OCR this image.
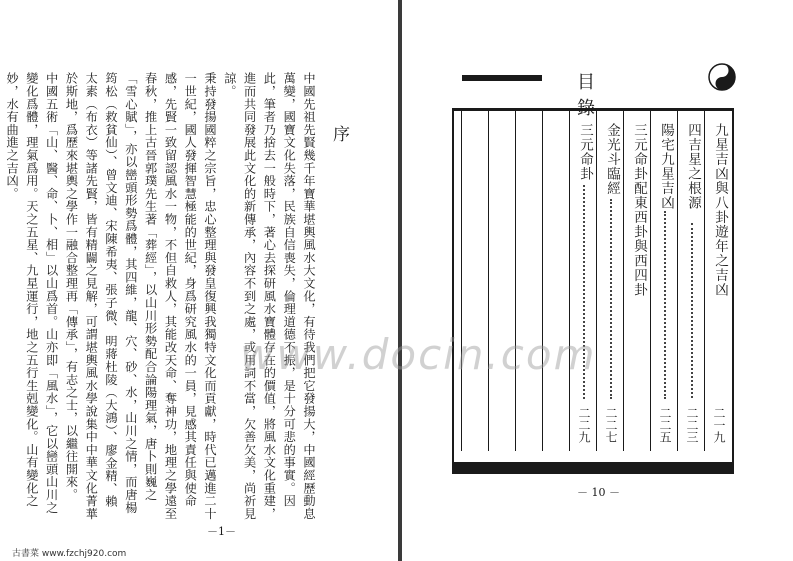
序

中國先祖先賢幾千年寶華堪輿風水大文化，有待我們把它發揚大，中國經歷動息萬變，國寶文化失落，民族自信喪失，倫理道德不振，是十分可悲的事實。因此，筆者乃捨去一般時下，著心去探研風水寶體存在的價值，將風水文化重建，進而共同發展此文化的新傳承，內容不到之處，或用詞不當，欠善欠美，尚祈見諒。

秉持發揚國粹之宗旨，忠心整理與發皇復興我獨特文化而貢獻，時代已邁進二十一世紀，國人發揮智慧極能的世紀，身爲研究風水的一員，見感其責任與使命感，先賢一致留認風水一物，不但自救人，其能改天命、奪神功，地理之學遠至春秋，推上古晉郭璞先生著「葬經」，以山川形勢配合論陽理氣，唐卜則巍之「雪心賦」，亦以巒頭形勢爲體，其四維，龍、穴、砂、水，山川之情，而唐楊筠松（救貧仙）、曾文迪、宋陳希夷、張子微、明蔣杜陵（大鴻）、廖金精、賴太素（布衣）等諸先賢，皆有精闢之見解，可謂堪輿風水學說集中中華文化菁華於斯地，爲歷來堪輿之學作一融合整理再「傳承」，有志之士，以繼往開來。

中國五術「山、醫、命、卜、相」以山爲首。山亦即「風水」，它以巒頭山川之變化爲體，理氣爲用。天之五星、九星運行，地之五行生剋變化。山有變化之妙，水有曲進之吉凶。

－1－
古書菜 www.fzchj920.com
目 錄
九星吉凶與八卦遊年之吉凶
二一九
四吉星之根源
二二三
陽宅九星吉凶
二二五
三元命卦配東西卦與西四卦
金光斗臨經
二二七
三元命卦
二二九
－ 10 －
www.docin.com
